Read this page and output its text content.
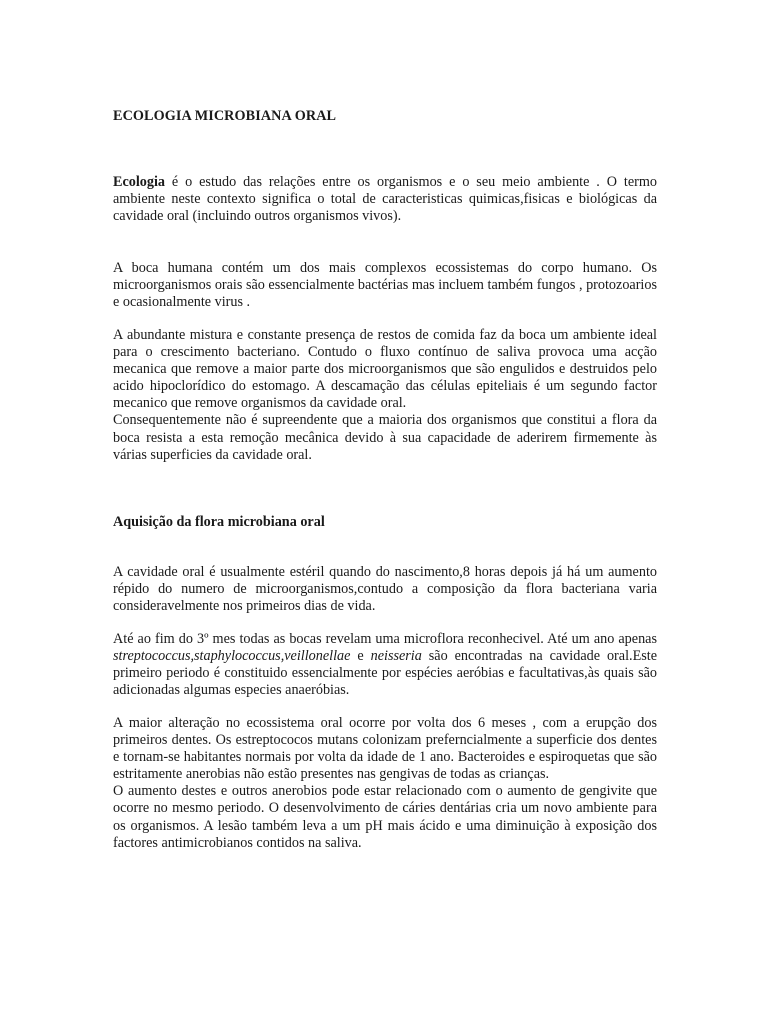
ECOLOGIA MICROBIANA ORAL

Ecologia é o estudo das relações entre os organismos e o seu meio ambiente . O termo ambiente neste contexto significa o total de caracteristicas quimicas,fisicas e biológicas da cavidade oral (incluindo outros organismos vivos).

A boca humana contém um dos mais complexos ecossistemas do corpo humano. Os microorganismos orais são essencialmente bactérias mas incluem também fungos , protozoarios e ocasionalmente virus .

A abundante mistura e constante presença de restos de comida faz da boca um ambiente ideal para o crescimento bacteriano. Contudo o fluxo contínuo de saliva provoca uma acção mecanica que remove a maior parte dos microorganismos que são engulidos e destruidos pelo acido hipoclorídico do estomago. A descamação das células epiteliais é um segundo factor mecanico que remove organismos da cavidade oral.

Consequentemente não é supreendente que a maioria dos organismos que constitui a flora da boca resista a esta remoção mecânica devido à sua capacidade de aderirem firmemente às várias superficies da cavidade oral.

Aquisição da flora microbiana oral

A cavidade oral é usualmente estéril quando do nascimento,8 horas depois já há um aumento répido do numero de microorganismos,contudo a composição da flora bacteriana varia consideravelmente nos primeiros dias de vida.

Até ao fim do 3º mes todas as bocas revelam uma microflora reconhecivel. Até um ano apenas streptococcus,staphylococcus,veillonellae e neisseria são encontradas na cavidade oral.Este primeiro periodo é constituido essencialmente por espécies aeróbias e facultativas,às quais são adicionadas algumas especies anaeróbias.

A maior alteração no ecossistema oral ocorre por volta dos 6 meses , com a erupção dos primeiros dentes. Os estreptococos mutans colonizam preferncialmente a superficie dos dentes e tornam-se habitantes normais por volta da idade de 1 ano. Bacteroides e espiroquetas que são estritamente anerobias não estão presentes nas gengivas de todas as crianças.

O aumento destes e outros anerobios pode estar relacionado com o aumento de gengivite que ocorre no mesmo periodo. O desenvolvimento de cáries dentárias cria um novo ambiente para os organismos. A lesão também leva a um pH mais ácido e uma diminuição à exposição dos factores antimicrobianos contidos na saliva.
